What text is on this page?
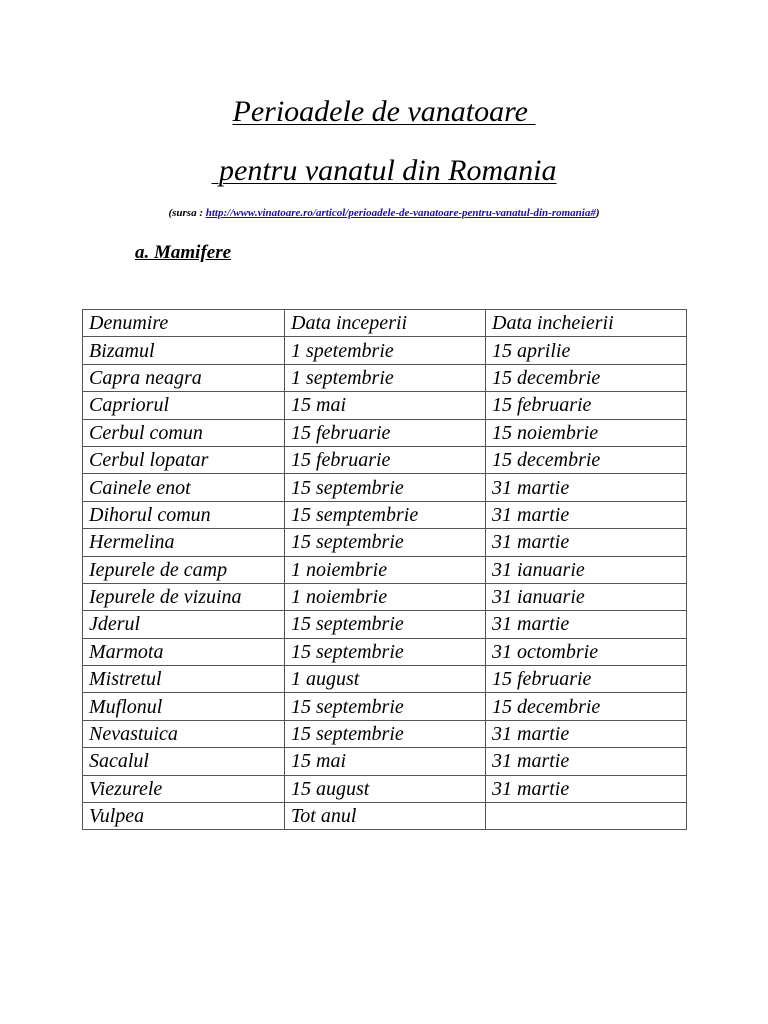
Perioadele de vanatoare
pentru vanatul din Romania
(sursa : http://www.vinatoare.ro/articol/perioadele-de-vanatoare-pentru-vanatul-din-romania#)
a. Mamifere
Denumire	Data inceperii	Data incheierii
Bizamul	1 spetembrie	15 aprilie
Capra neagra	1 septembrie	15 decembrie
Capriorul	15 mai	15 februarie
Cerbul comun	15 februarie	15 noiembrie
Cerbul lopatar	15 februarie	15 decembrie
Cainele enot	15 septembrie	31 martie
Dihorul comun	15 semptembrie	31 martie
Hermelina	15 septembrie	31 martie
Iepurele de camp	1 noiembrie	31 ianuarie
Iepurele de vizuina	1 noiembrie	31 ianuarie
Jderul	15 septembrie	31 martie
Marmota	15 septembrie	31 octombrie
Mistretul	1 august	15 februarie
Muflonul	15 septembrie	15 decembrie
Nevastuica	15 septembrie	31 martie
Sacalul	15 mai	31 martie
Viezurele	15 august	31 martie
Vulpea	Tot anul	
